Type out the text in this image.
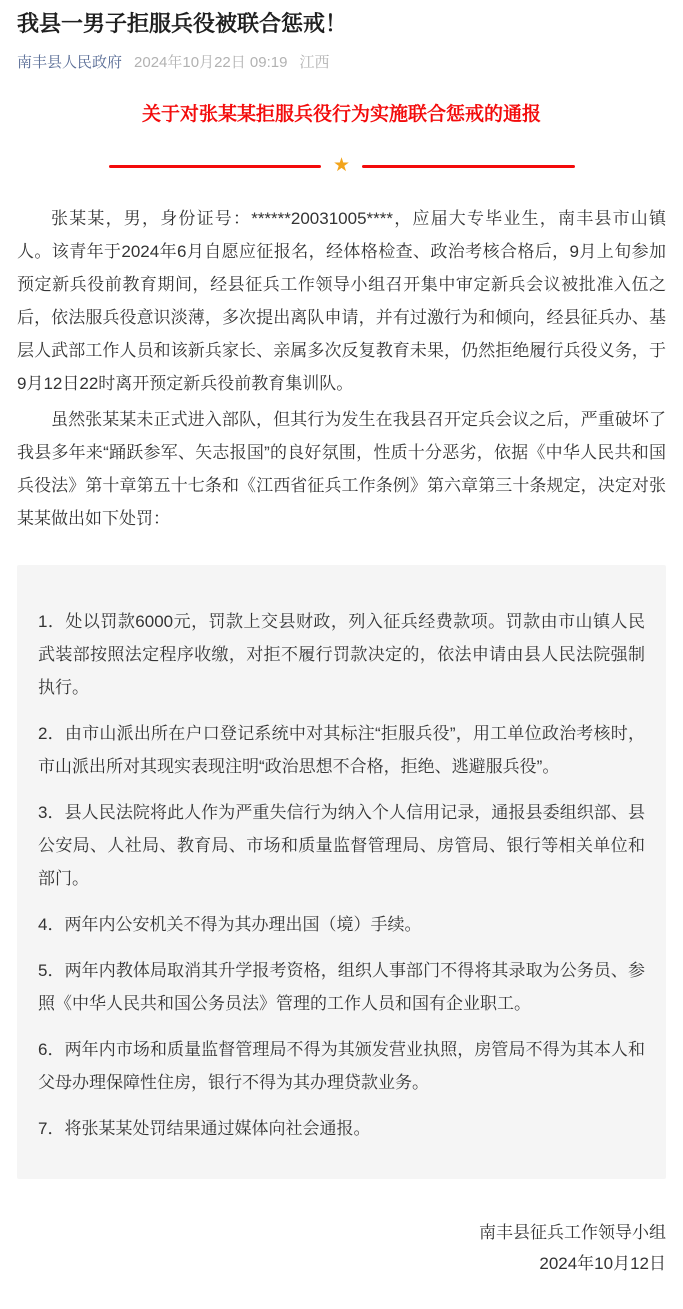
我县一男子拒服兵役被联合惩戒！
南丰县人民政府 2024年10月22日 09:19 江西
关于对张某某拒服兵役行为实施联合惩戒的通报
★

张某某，男，身份证号：******20031005****，应届大专毕业生，南丰县市山镇人。该青年于2024年6月自愿应征报名，经体格检查、政治考核合格后，9月上旬参加预定新兵役前教育期间，经县征兵工作领导小组召开集中审定新兵会议被批准入伍之后，依法服兵役意识淡薄，多次提出离队申请，并有过激行为和倾向，经县征兵办、基层人武部工作人员和该新兵家长、亲属多次反复教育未果，仍然拒绝履行兵役义务，于9月12日22时离开预定新兵役前教育集训队。

虽然张某某未正式进入部队，但其行为发生在我县召开定兵会议之后，严重破坏了我县多年来“踊跃参军、矢志报国”的良好氛围，性质十分恶劣，依据《中华人民共和国兵役法》第十章第五十七条和《江西省征兵工作条例》第六章第三十条规定，决定对张某某做出如下处罚：

1．处以罚款6000元，罚款上交县财政，列入征兵经费款项。罚款由市山镇人民武装部按照法定程序收缴，对拒不履行罚款决定的，依法申请由县人民法院强制执行。

2．由市山派出所在户口登记系统中对其标注“拒服兵役”，用工单位政治考核时，市山派出所对其现实表现注明“政治思想不合格，拒绝、逃避服兵役”。

3．县人民法院将此人作为严重失信行为纳入个人信用记录，通报县委组织部、县公安局、人社局、教育局、市场和质量监督管理局、房管局、银行等相关单位和部门。

4．两年内公安机关不得为其办理出国（境）手续。

5．两年内教体局取消其升学报考资格，组织人事部门不得将其录取为公务员、参照《中华人民共和国公务员法》管理的工作人员和国有企业职工。

6．两年内市场和质量监督管理局不得为其颁发营业执照，房管局不得为其本人和父母办理保障性住房，银行不得为其办理贷款业务。

7．将张某某处罚结果通过媒体向社会通报。

南丰县征兵工作领导小组
2024年10月12日
